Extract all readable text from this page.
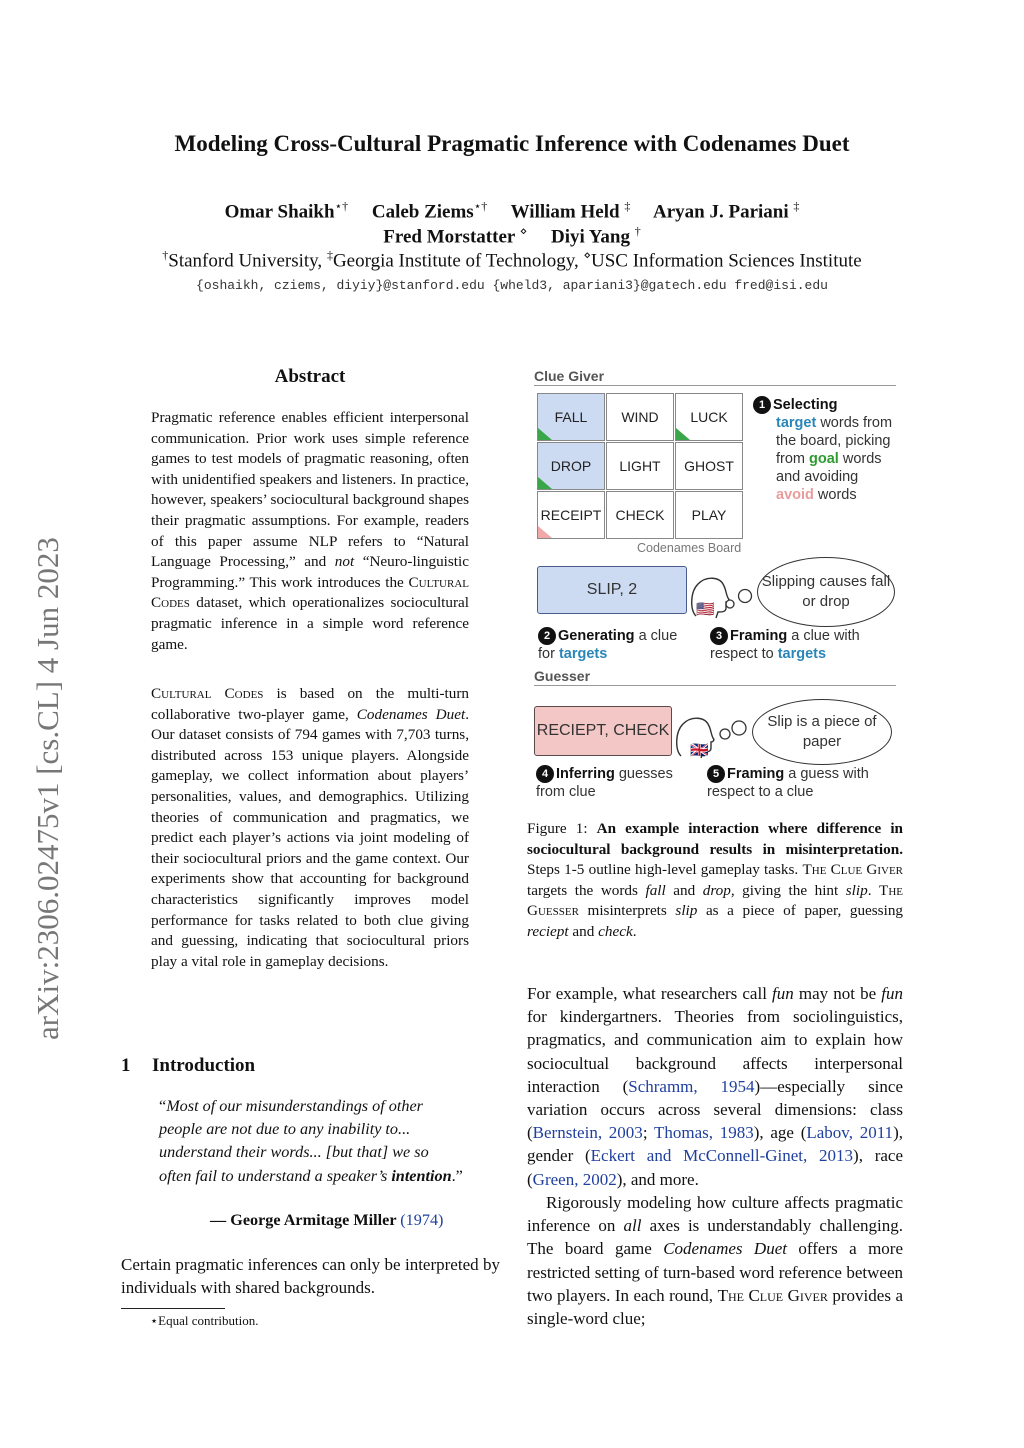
Modeling Cross-Cultural Pragmatic Inference with Codenames Duet
Omar Shaikh⋆† Caleb Ziems⋆† William Held ‡ Aryan J. Pariani ‡
Fred Morstatter ⋄ Diyi Yang †
†Stanford University, ‡Georgia Institute of Technology, ⋄USC Information Sciences Institute
{oshaikh, cziems, diyiy}@stanford.edu {wheld3, apariani3}@gatech.edu fred@isi.edu
arXiv:2306.02475v1 [cs.CL] 4 Jun 2023
Abstract
Pragmatic reference enables efficient interpersonal communication. Prior work uses simple reference games to test models of pragmatic reasoning, often with unidentified speakers and listeners. In practice, however, speakers’ sociocultural background shapes their pragmatic assumptions. For example, readers of this paper assume NLP refers to “Natural Language Processing,” and not “Neuro-linguistic Programming.” This work introduces the Cultural Codes dataset, which operationalizes sociocultural pragmatic inference in a simple word reference game.
Cultural Codes is based on the multi-turn collaborative two-player game, Codenames Duet. Our dataset consists of 794 games with 7,703 turns, distributed across 153 unique players. Alongside gameplay, we collect information about players’ personalities, values, and demographics. Utilizing theories of communication and pragmatics, we predict each player’s actions via joint modeling of their sociocultural priors and the game context. Our experiments show that accounting for background characteristics significantly improves model performance for tasks related to both clue giving and guessing, indicating that sociocultural priors play a vital role in gameplay decisions.
1 Introduction
“Most of our misunderstandings of other people are not due to any inability to... understand their words... [but that] we so often fail to understand a speaker’s intention.”
— George Armitage Miller (1974)
Certain pragmatic inferences can only be interpreted by individuals with shared backgrounds.
⋆Equal contribution.
Clue Giver
FALL WIND LUCK
DROP LIGHT GHOST
RECEIPT CHECK PLAY
Codenames Board
1 Selecting

target words from the board, picking from goal words and avoiding avoid words
SLIP, 2
🇺🇸
Slipping causes fall or drop
2 Generating a clue for targets
3 Framing a clue with respect to targets
Guesser
RECIEPT, CHECK
🇬🇧
Slip is a piece of paper
4 Inferring guesses from clue
5 Framing a guess with respect to a clue
Figure 1: An example interaction where difference in sociocultural background results in misinterpretation. Steps 1-5 outline high-level gameplay tasks. The Clue Giver targets the words fall and drop, giving the hint slip. The Guesser misinterprets slip as a piece of paper, guessing reciept and check.
For example, what researchers call fun may not be fun for kindergartners. Theories from sociolinguistics, pragmatics, and communication aim to explain how sociocultual background affects interpersonal interaction (Schramm, 1954)—especially since variation occurs across several dimensions: class (Bernstein, 2003; Thomas, 1983), age (Labov, 2011), gender (Eckert and McConnell-Ginet, 2013), race (Green, 2002), and more.
Rigorously modeling how culture affects pragmatic inference on all axes is understandably challenging. The board game Codenames Duet offers a more restricted setting of turn-based word reference between two players. In each round, The Clue Giver provides a single-word clue;
